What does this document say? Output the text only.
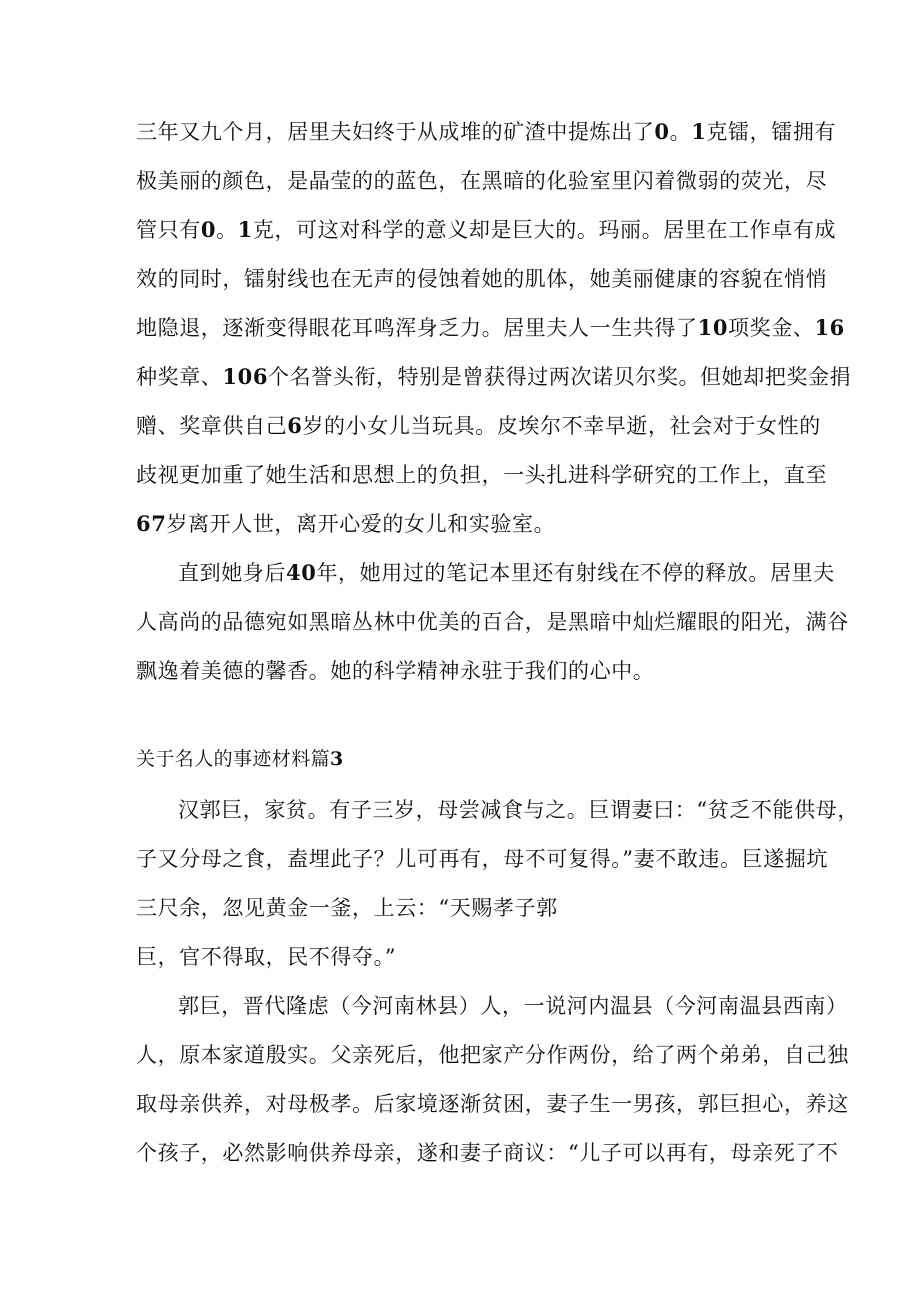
三年又九个月，居里夫妇终于从成堆的矿渣中提炼出了0。1克镭，镭拥有
极美丽的颜色，是晶莹的的蓝色，在黑暗的化验室里闪着微弱的荧光，尽
管只有0。1克，可这对科学的意义却是巨大的。玛丽。居里在工作卓有成
效的同时，镭射线也在无声的侵蚀着她的肌体，她美丽健康的容貌在悄悄
地隐退，逐渐变得眼花耳鸣浑身乏力。居里夫人一生共得了10项奖金、16
种奖章、106个名誉头衔，特别是曾获得过两次诺贝尔奖。但她却把奖金捐
赠、奖章供自己6岁的小女儿当玩具。皮埃尔不幸早逝，社会对于女性的
歧视更加重了她生活和思想上的负担，一头扎进科学研究的工作上，直至
67岁离开人世，离开心爱的女儿和实验室。
直到她身后40年，她用过的笔记本里还有射线在不停的释放。居里夫
人高尚的品德宛如黑暗丛林中优美的百合，是黑暗中灿烂耀眼的阳光，满谷
飘逸着美德的馨香。她的科学精神永驻于我们的心中。
关于名人的事迹材料篇3
汉郭巨，家贫。有子三岁，母尝减食与之。巨谓妻曰：“贫乏不能供母，
子又分母之食，盍埋此子？儿可再有，母不可复得。”妻不敢违。巨遂掘坑
三尺余，忽见黄金一釜，上云：“天赐孝子郭
巨，官不得取，民不得夺。”
郭巨，晋代隆虑（今河南林县）人，一说河内温县（今河南温县西南）
人，原本家道殷实。父亲死后，他把家产分作两份，给了两个弟弟，自己独
取母亲供养，对母极孝。后家境逐渐贫困，妻子生一男孩，郭巨担心，养这
个孩子，必然影响供养母亲，遂和妻子商议：“儿子可以再有，母亲死了不
